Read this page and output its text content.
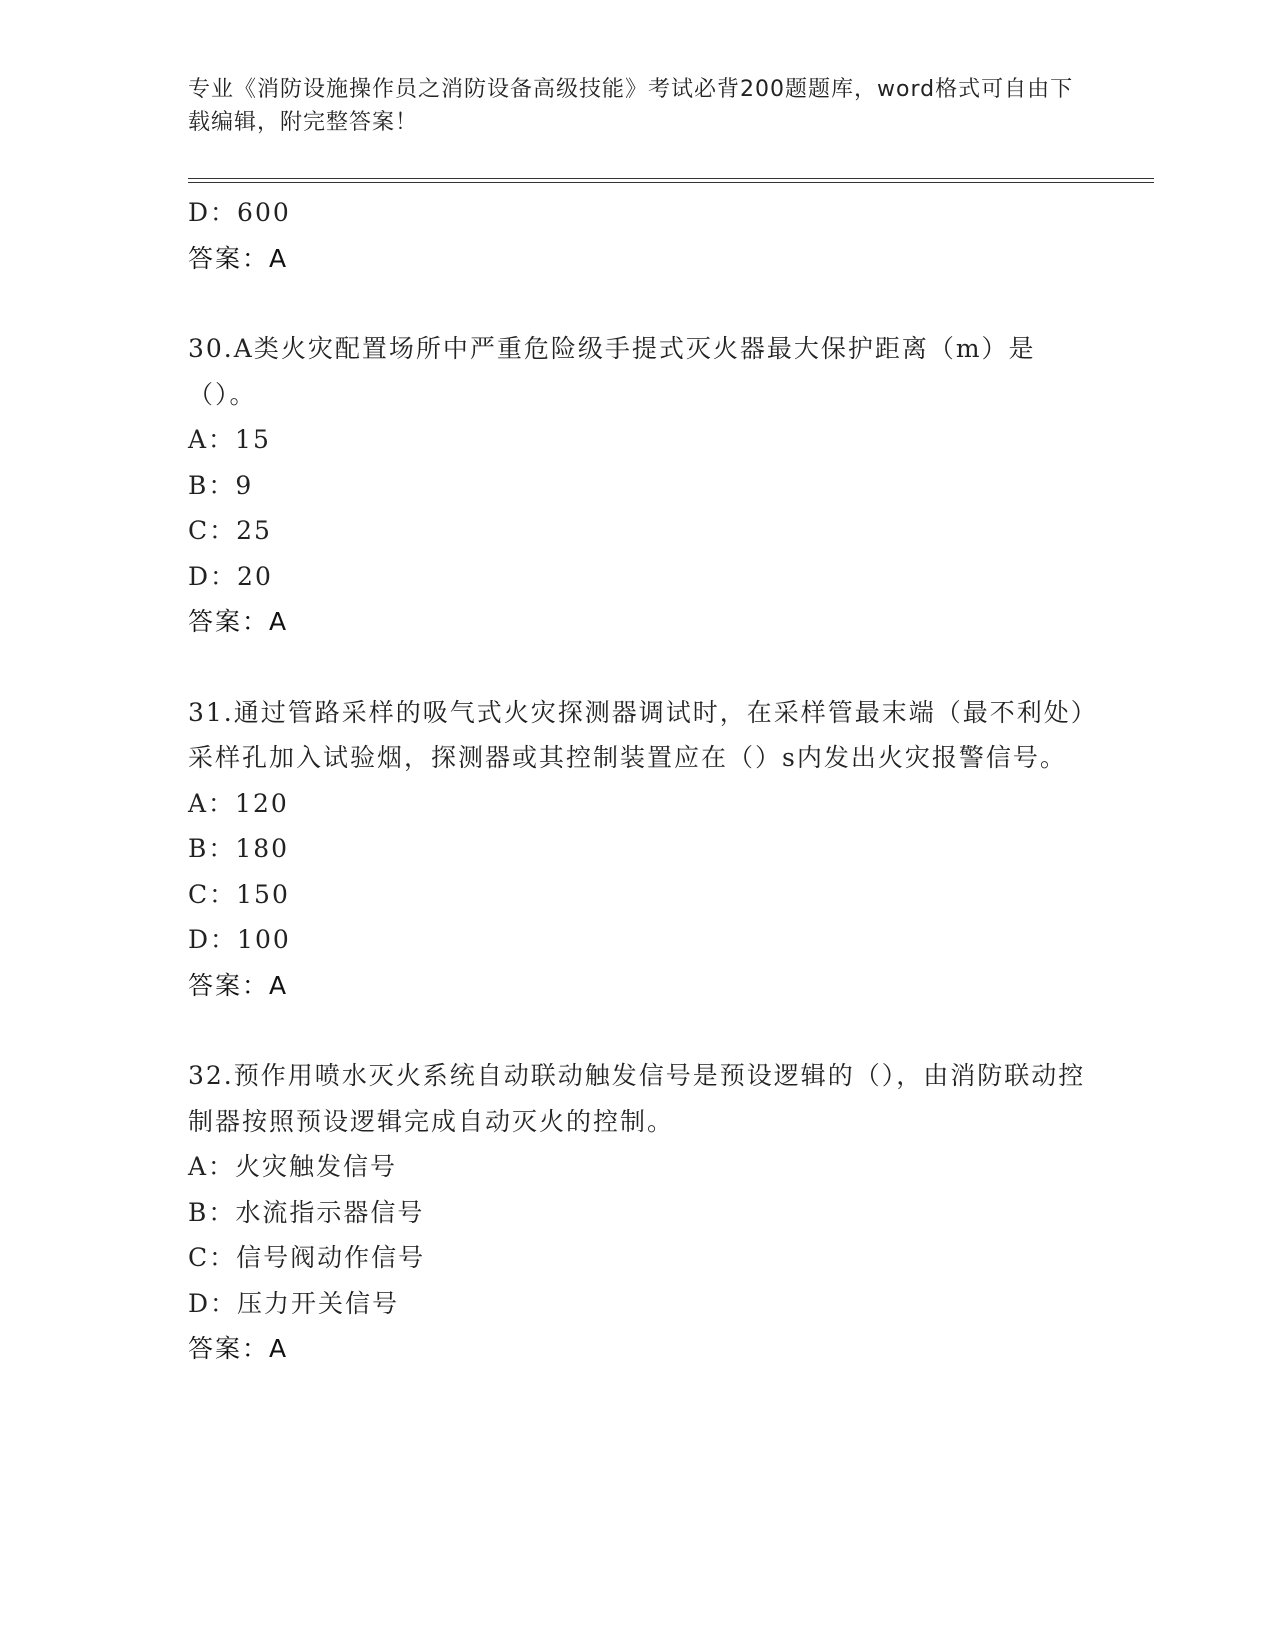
专业《消防设施操作员之消防设备高级技能》考试必背200题题库，word格式可自由下载编辑，附完整答案！
D：600
答案：A
30.A类火灾配置场所中严重危险级手提式灭火器最大保护距离（m）是（）。
A：15
B：9
C：25
D：20
答案：A
31.通过管路采样的吸气式火灾探测器调试时，在采样管最末端（最不利处）采样孔加入试验烟，探测器或其控制装置应在（）s内发出火灾报警信号。
A：120
B：180
C：150
D：100
答案：A
32.预作用喷水灭火系统自动联动触发信号是预设逻辑的（），由消防联动控制器按照预设逻辑完成自动灭火的控制。
A：火灾触发信号
B：水流指示器信号
C：信号阀动作信号
D：压力开关信号
答案：A
